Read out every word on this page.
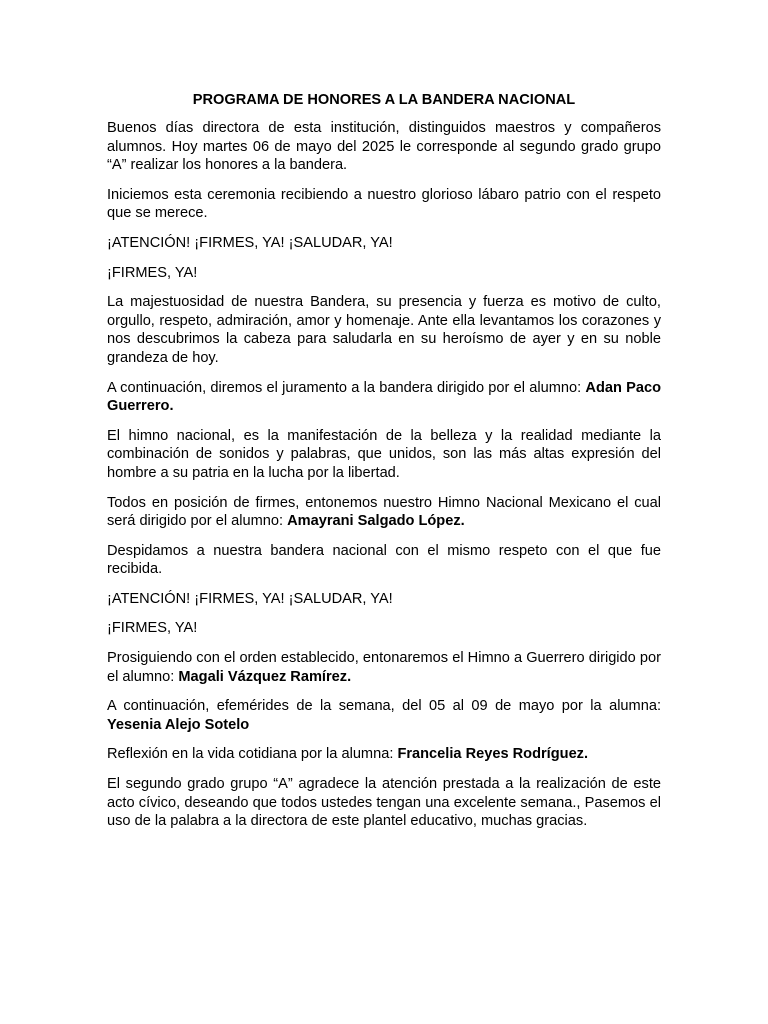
PROGRAMA DE HONORES A LA BANDERA NACIONAL

Buenos días directora de esta institución, distinguidos maestros y compañeros alumnos. Hoy martes 06 de mayo del 2025 le corresponde al segundo grado grupo “A” realizar los honores a la bandera.

Iniciemos esta ceremonia recibiendo a nuestro glorioso lábaro patrio con el respeto que se merece.

¡ATENCIÓN! ¡FIRMES, YA! ¡SALUDAR, YA!

¡FIRMES, YA!

La majestuosidad de nuestra Bandera, su presencia y fuerza es motivo de culto, orgullo, respeto, admiración, amor y homenaje. Ante ella levantamos los corazones y nos descubrimos la cabeza para saludarla en su heroísmo de ayer y en su noble grandeza de hoy.

A continuación, diremos el juramento a la bandera dirigido por el alumno: Adan Paco Guerrero.

El himno nacional, es la manifestación de la belleza y la realidad mediante la combinación de sonidos y palabras, que unidos, son las más altas expresión del hombre a su patria en la lucha por la libertad.

Todos en posición de firmes, entonemos nuestro Himno Nacional Mexicano el cual será dirigido por el alumno: Amayrani Salgado López.

Despidamos a nuestra bandera nacional con el mismo respeto con el que fue recibida.

¡ATENCIÓN! ¡FIRMES, YA! ¡SALUDAR, YA!

¡FIRMES, YA!

Prosiguiendo con el orden establecido, entonaremos el Himno a Guerrero dirigido por el alumno: Magali Vázquez Ramírez.

A continuación, efemérides de la semana, del 05 al 09 de mayo por la alumna: Yesenia Alejo Sotelo

Reflexión en la vida cotidiana por la alumna: Francelia Reyes Rodríguez.

El segundo grado grupo “A” agradece la atención prestada a la realización de este acto cívico, deseando que todos ustedes tengan una excelente semana., Pasemos el uso de la palabra a la directora de este plantel educativo, muchas gracias.
